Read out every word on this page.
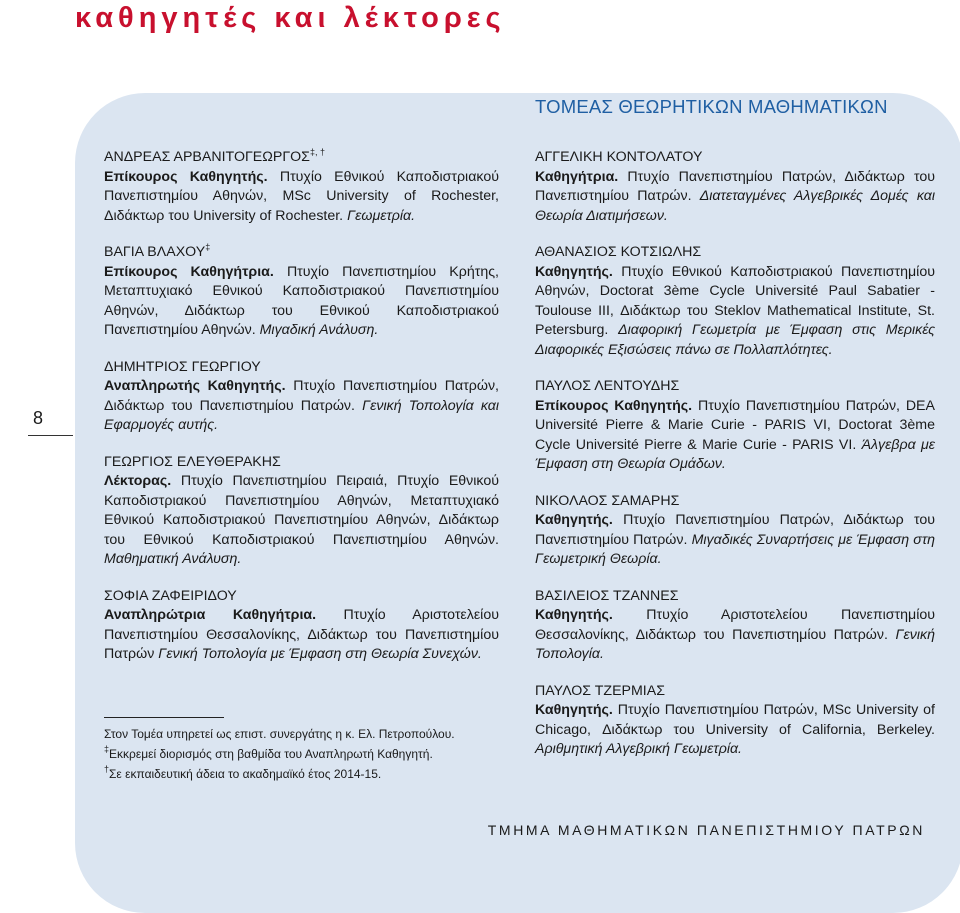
καθηγητές και λέκτορες
ΤΟΜΕΑΣ ΘΕΩΡΗΤΙΚΩΝ ΜΑΘΗΜΑΤΙΚΩΝ
8
ΑΝΔΡΕΑΣ ΑΡΒΑΝΙΤΟΓΕΩΡΓΟΣ‡, †
Επίκουρος Καθηγητής. Πτυχίο Εθνικού Καποδιστριακού Πανεπιστημίου Αθηνών, MSc University of Rochester, Διδάκτωρ του University of Rochester. Γεωμετρία.
ΒΑΓΙΑ ΒΛΑΧΟΥ‡
Επίκουρος Καθηγήτρια. Πτυχίο Πανεπιστημίου Κρήτης, Μεταπτυχιακό Εθνικού Καποδιστριακού Πανεπιστημίου Αθηνών, Διδάκτωρ του Εθνικού Καποδιστριακού Πανεπιστημίου Αθηνών. Μιγαδική Ανάλυση.
ΔΗΜΗΤΡΙΟΣ ΓΕΩΡΓΙΟΥ
Αναπληρωτής Καθηγητής. Πτυχίο Πανεπιστημίου Πατρών, Διδάκτωρ του Πανεπιστημίου Πατρών. Γενική Τοπολογία και Εφαρμογές αυτής.
ΓΕΩΡΓΙΟΣ ΕΛΕΥΘΕΡΑΚΗΣ
Λέκτορας. Πτυχίο Πανεπιστημίου Πειραιά, Πτυχίο Εθνικού Καποδιστριακού Πανεπιστημίου Αθηνών, Μεταπτυχιακό Εθνικού Καποδιστριακού Πανεπιστημίου Αθηνών, Διδάκτωρ του Εθνικού Καποδιστριακού Πανεπιστημίου Αθηνών. Μαθηματική Ανάλυση.
ΣΟΦΙΑ ΖΑΦΕΙΡΙΔΟΥ
Αναπληρώτρια Καθηγήτρια. Πτυχίο Αριστοτελείου Πανεπιστημίου Θεσσαλονίκης, Διδάκτωρ του Πανεπιστημίου Πατρών Γενική Τοπολογία με Έμφαση στη Θεωρία Συνεχών.
ΑΓΓΕΛΙΚΗ ΚΟΝΤΟΛΑΤΟΥ
Καθηγήτρια. Πτυχίο Πανεπιστημίου Πατρών, Διδάκτωρ του Πανεπιστημίου Πατρών. Διατεταγμένες Αλγεβρικές Δομές και Θεωρία Διατιμήσεων.
ΑΘΑΝΑΣΙΟΣ ΚΟΤΣΙΩΛΗΣ
Καθηγητής. Πτυχίο Εθνικού Καποδιστριακού Πανεπιστημίου Αθηνών, Doctorat 3ème Cycle Université Paul Sabatier - Toulouse III, Διδάκτωρ του Steklov Mathematical Institute, St. Petersburg. Διαφορική Γεωμετρία με Έμφαση στις Μερικές Διαφορικές Εξισώσεις πάνω σε Πολλαπλότητες.
ΠΑΥΛΟΣ ΛΕΝΤΟΥΔΗΣ
Επίκουρος Καθηγητής. Πτυχίο Πανεπιστημίου Πατρών, DEA Université Pierre & Marie Curie - PARIS VI, Doctorat 3ème Cycle Université Pierre & Marie Curie - PARIS VI. Άλγεβρα με Έμφαση στη Θεωρία Ομάδων.
ΝΙΚΟΛΑΟΣ ΣΑΜΑΡΗΣ
Καθηγητής. Πτυχίο Πανεπιστημίου Πατρών, Διδάκτωρ του Πανεπιστημίου Πατρών. Μιγαδικές Συναρτήσεις με Έμφαση στη Γεωμετρική Θεωρία.
ΒΑΣΙΛΕΙΟΣ ΤΖΑΝΝΕΣ
Καθηγητής. Πτυχίο Αριστοτελείου Πανεπιστημίου Θεσσαλονίκης, Διδάκτωρ του Πανεπιστημίου Πατρών. Γενική Τοπολογία.
ΠΑΥΛΟΣ ΤΖΕΡΜΙΑΣ
Καθηγητής. Πτυχίο Πανεπιστημίου Πατρών, MSc University of Chicago, Διδάκτωρ του University of California, Berkeley. Αριθμητική Αλγεβρική Γεωμετρία.
Στον Τομέα υπηρετεί ως επιστ. συνεργάτης η κ. Ελ. Πετροπούλου.
‡Εκκρεμεί διορισμός στη βαθμίδα του Αναπληρωτή Καθηγητή.
†Σε εκπαιδευτική άδεια το ακαδημαϊκό έτος 2014-15.
ΤΜΗΜΑ ΜΑΘΗΜΑΤΙΚΩΝ ΠΑΝΕΠΙΣΤΗΜΙΟΥ ΠΑΤΡΩΝ
